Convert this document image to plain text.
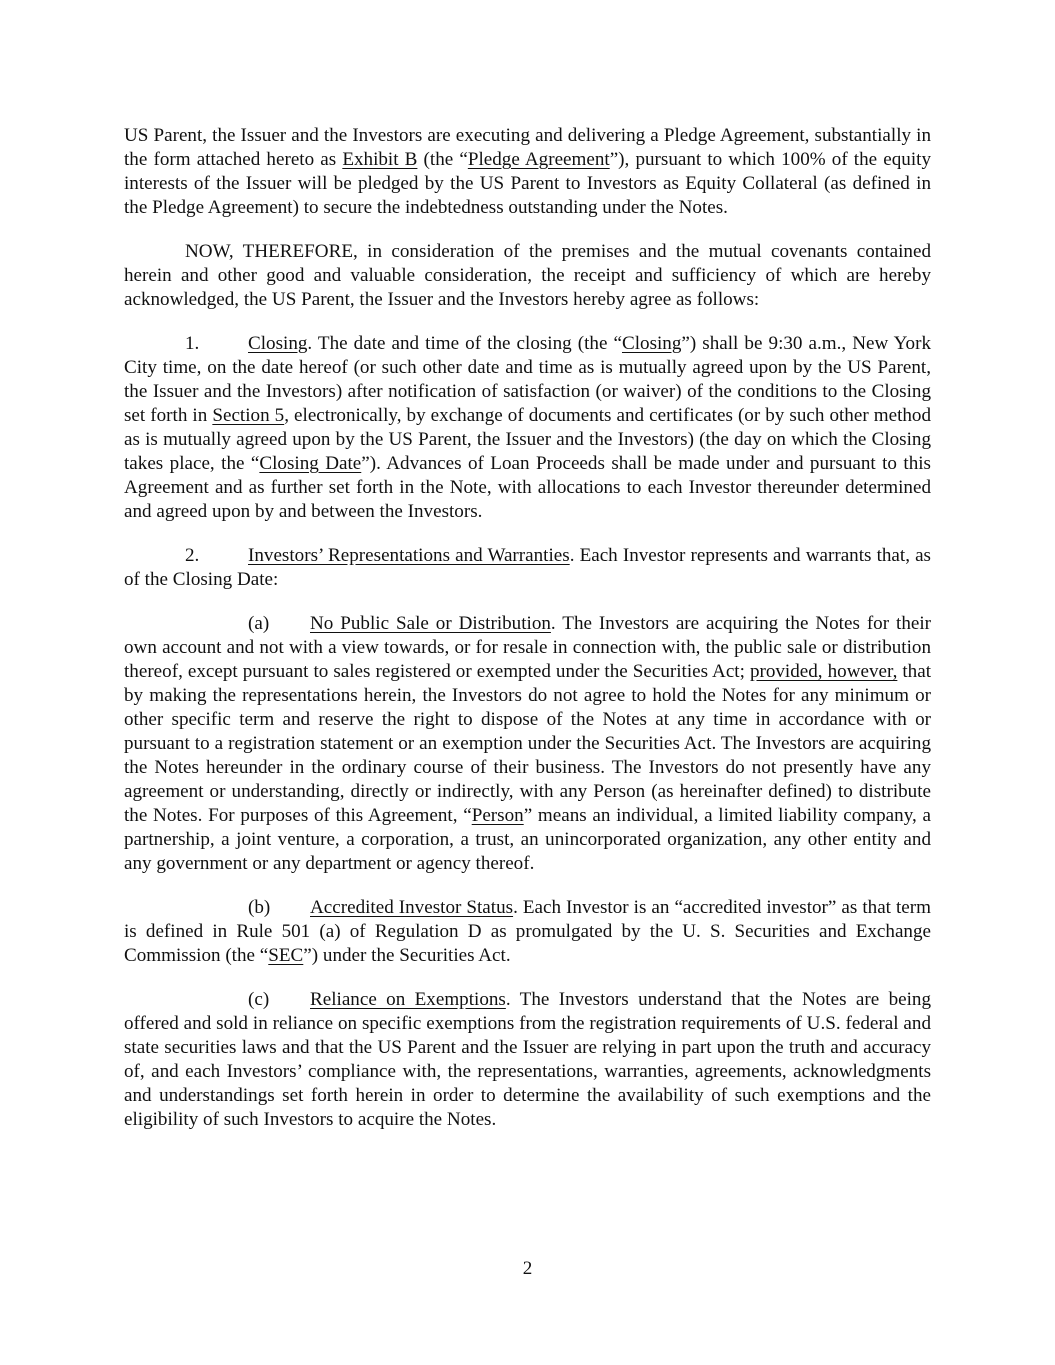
US Parent, the Issuer and the Investors are executing and delivering a Pledge Agreement, substantially in the form attached hereto as Exhibit B (the “Pledge Agreement”), pursuant to which 100% of the equity interests of the Issuer will be pledged by the US Parent to Investors as Equity Collateral (as defined in the Pledge Agreement) to secure the indebtedness outstanding under the Notes.

NOW, THEREFORE, in consideration of the premises and the mutual covenants contained herein and other good and valuable consideration, the receipt and sufficiency of which are hereby acknowledged, the US Parent, the Issuer and the Investors hereby agree as follows:

1.	Closing. The date and time of the closing (the “Closing”) shall be 9:30 a.m., New York City time, on the date hereof (or such other date and time as is mutually agreed upon by the US Parent, the Issuer and the Investors) after notification of satisfaction (or waiver) of the conditions to the Closing set forth in Section 5, electronically, by exchange of documents and certificates (or by such other method as is mutually agreed upon by the US Parent, the Issuer and the Investors) (the day on which the Closing takes place, the “Closing Date”). Advances of Loan Proceeds shall be made under and pursuant to this Agreement and as further set forth in the Note, with allocations to each Investor thereunder determined and agreed upon by and between the Investors.

2.	Investors’ Representations and Warranties. Each Investor represents and warrants that, as of the Closing Date:

(a) No Public Sale or Distribution. The Investors are acquiring the Notes for their own account and not with a view towards, or for resale in connection with, the public sale or distribution thereof, except pursuant to sales registered or exempted under the Securities Act; provided, however, that by making the representations herein, the Investors do not agree to hold the Notes for any minimum or other specific term and reserve the right to dispose of the Notes at any time in accordance with or pursuant to a registration statement or an exemption under the Securities Act. The Investors are acquiring the Notes hereunder in the ordinary course of their business. The Investors do not presently have any agreement or understanding, directly or indirectly, with any Person (as hereinafter defined) to distribute the Notes. For purposes of this Agreement, “Person” means an individual, a limited liability company, a partnership, a joint venture, a corporation, a trust, an unincorporated organization, any other entity and any government or any department or agency thereof.

(b) Accredited Investor Status. Each Investor is an “accredited investor” as that term is defined in Rule 501 (a) of Regulation D as promulgated by the U. S. Securities and Exchange Commission (the “SEC”) under the Securities Act.

(c) Reliance on Exemptions. The Investors understand that the Notes are being offered and sold in reliance on specific exemptions from the registration requirements of U.S. federal and state securities laws and that the US Parent and the Issuer are relying in part upon the truth and accuracy of, and each Investors’ compliance with, the representations, warranties, agreements, acknowledgments and understandings set forth herein in order to determine the availability of such exemptions and the eligibility of such Investors to acquire the Notes.

2
